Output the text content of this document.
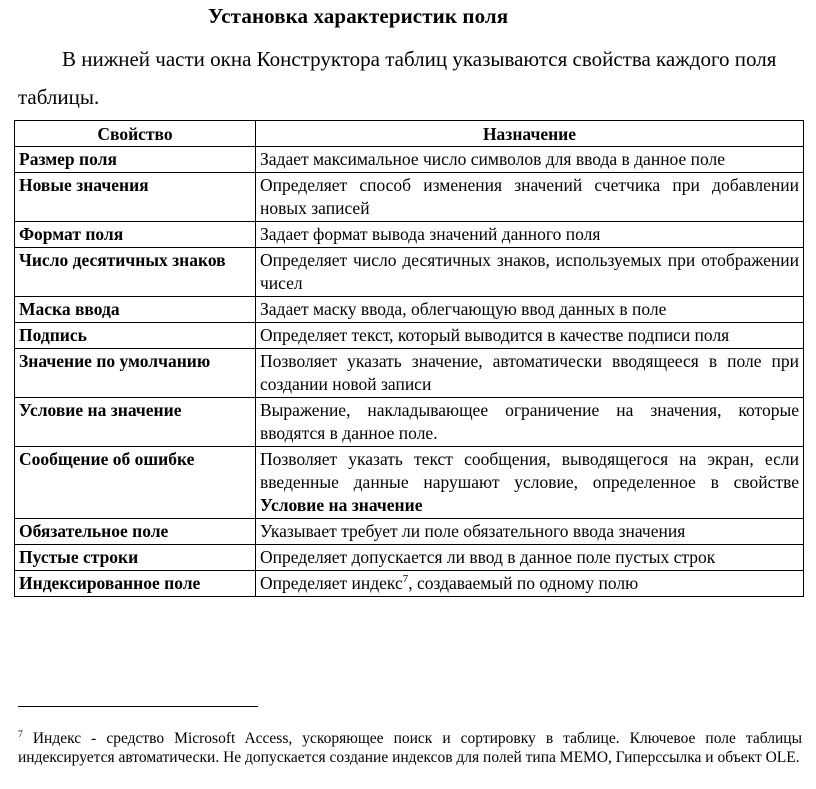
Установка характеристик поля
В нижней части окна Конструктора таблиц указываются свойства каждого поля таблицы.
Свойство	Назначение
Размер поля	Задает максимальное число символов для ввода в данное поле
Новые значения	Определяет способ изменения значений счетчика при добавлении новых записей
Формат поля	Задает формат вывода значений данного поля
Число десятичных знаков	Определяет число десятичных знаков, используемых при отображении чисел
Маска ввода	Задает маску ввода, облегчающую ввод данных в поле
Подпись	Определяет текст, который выводится в качестве подписи поля
Значение по умолчанию	Позволяет указать значение, автоматически вводящееся в поле при создании новой записи
Условие на значение	Выражение, накладывающее ограничение на значения, которые вводятся в данное поле.
Сообщение об ошибке	Позволяет указать текст сообщения, выводящегося на экран, если введенные данные нарушают условие, определенное в свойстве Условие на значение
Обязательное поле	Указывает требует ли поле обязательного ввода значения
Пустые строки	Определяет допускается ли ввод в данное поле пустых строк
Индексированное поле	Определяет индекс$^7$, создаваемый по одному полю
$^7$ Индекс - средство Microsoft Access, ускоряющее поиск и сортировку в таблице. Ключевое поле таблицы индексируется автоматически. Не допускается создание индексов для полей типа MEMO, Гиперссылка и объект OLE.
